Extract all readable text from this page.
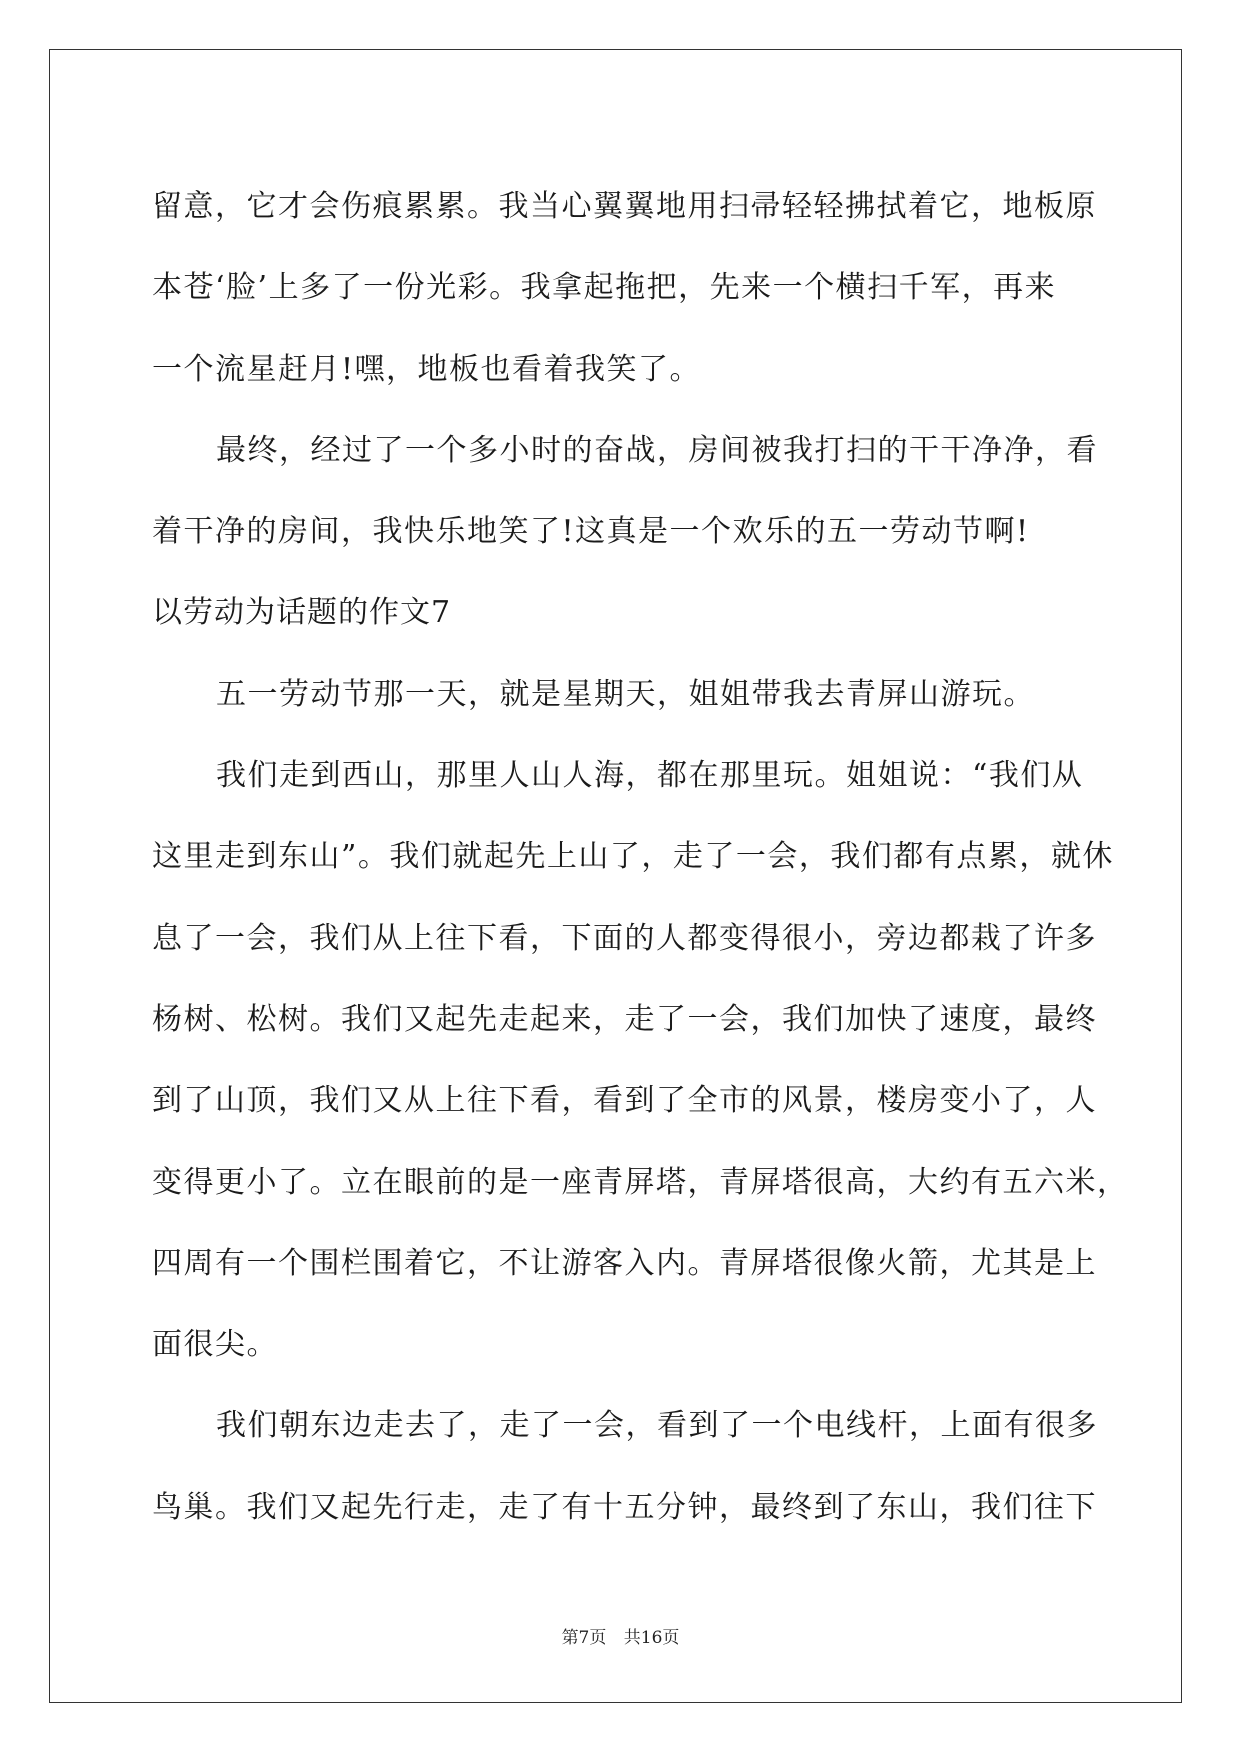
留意，它才会伤痕累累。我当心翼翼地用扫帚轻轻拂拭着它，地板原
本苍‘脸’上多了一份光彩。我拿起拖把，先来一个横扫千军，再来
一个流星赶月!嘿，地板也看着我笑了。

最终，经过了一个多小时的奋战，房间被我打扫的干干净净，看
着干净的房间，我快乐地笑了!这真是一个欢乐的五一劳动节啊!

以劳动为话题的作文7

五一劳动节那一天，就是星期天，姐姐带我去青屏山游玩。

我们走到西山，那里人山人海，都在那里玩。姐姐说：“我们从
这里走到东山”。我们就起先上山了，走了一会，我们都有点累，就休
息了一会，我们从上往下看，下面的人都变得很小，旁边都栽了许多
杨树、松树。我们又起先走起来，走了一会，我们加快了速度，最终
到了山顶，我们又从上往下看，看到了全市的风景，楼房变小了，人
变得更小了。立在眼前的是一座青屏塔，青屏塔很高，大约有五六米，
四周有一个围栏围着它，不让游客入内。青屏塔很像火箭，尤其是上
面很尖。

我们朝东边走去了，走了一会，看到了一个电线杆，上面有很多
鸟巢。我们又起先行走，走了有十五分钟，最终到了东山，我们往下

第7页 共16页
